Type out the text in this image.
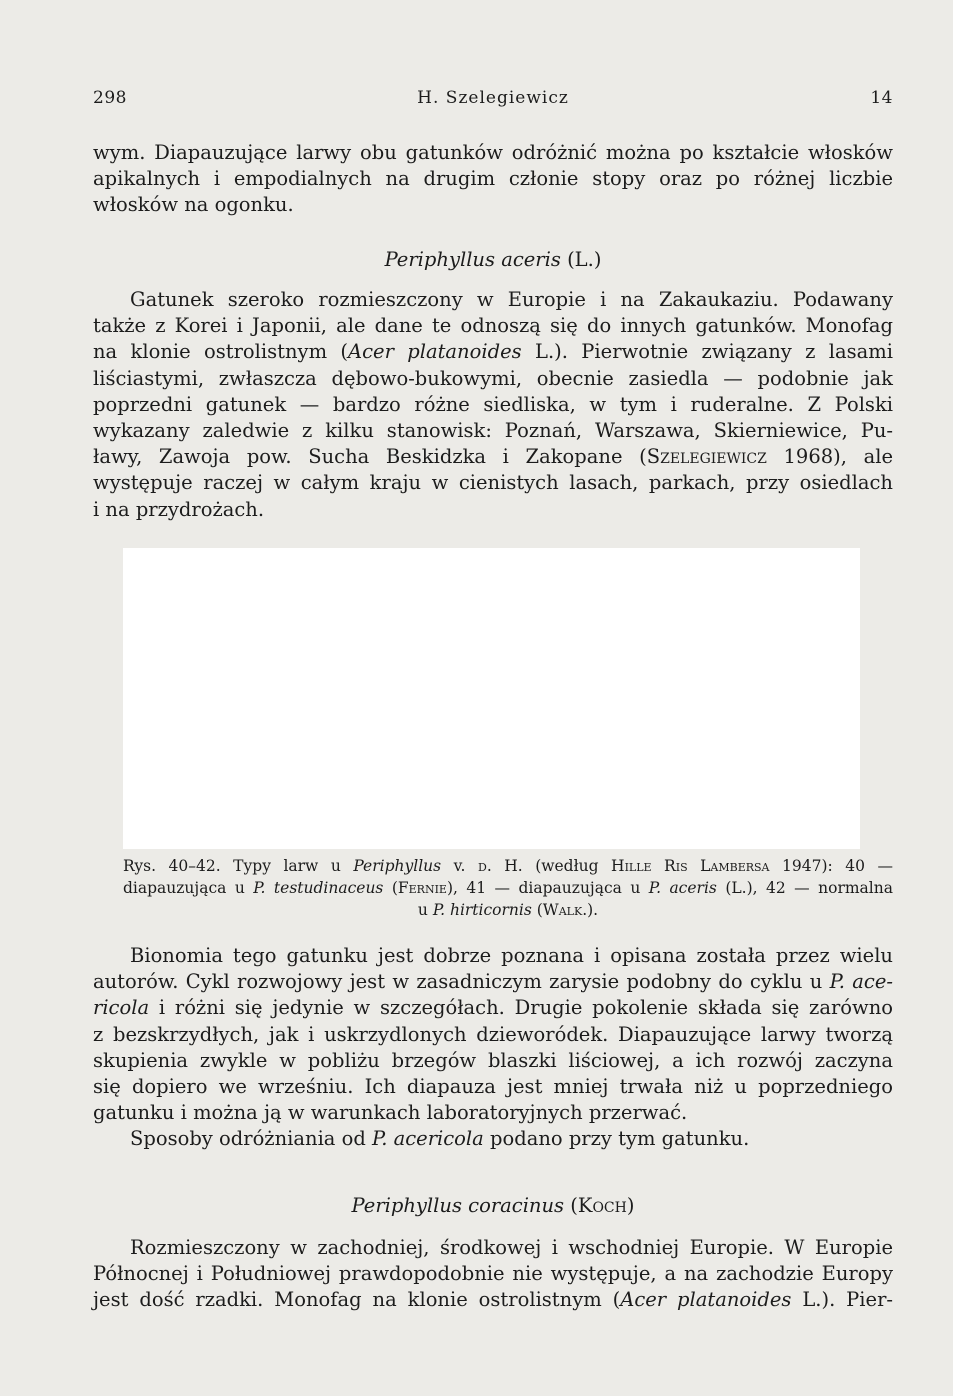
298	H. Szelegiewicz	14

wym. Diapauzujące larwy obu gatunków odróżnić można po kształcie włosków

apikalnych i empodialnych na drugim członie stopy oraz po różnej liczbie

włosków na ogonku.

Periphyllus aceris (L.)

Gatunek szeroko rozmieszczony w Europie i na Zakaukaziu. Podawany

także z Korei i Japonii, ale dane te odnoszą się do innych gatunków. Monofag

na klonie ostrolistnym (Acer platanoides L.). Pierwotnie związany z lasami

liściastymi, zwłaszcza dębowo-bukowymi, obecnie zasiedla — podobnie jak

poprzedni gatunek — bardzo różne siedliska, w tym i ruderalne. Z Polski

wykazany zaledwie z kilku stanowisk: Poznań, Warszawa, Skierniewice, Pu-

ławy, Zawoja pow. Sucha Beskidzka i Zakopane (Szelegiewicz 1968), ale

występuje raczej w całym kraju w cienistych lasach, parkach, przy osiedlach

i na przydrożach.

Rys. 40–42. Typy larw u Periphyllus v. d. H. (według Hille Ris Lambersa 1947): 40 —

diapauzująca u P. testudinaceus (Fernie), 41 — diapauzująca u P. aceris (L.), 42 — normalna

u P. hirticornis (Walk.).

Bionomia tego gatunku jest dobrze poznana i opisana została przez wielu

autorów. Cykl rozwojowy jest w zasadniczym zarysie podobny do cyklu u P. ace-

ricola i różni się jedynie w szczegółach. Drugie pokolenie składa się zarówno

z bezskrzydłych, jak i uskrzydlonych dzieworódek. Diapauzujące larwy tworzą

skupienia zwykle w pobliżu brzegów blaszki liściowej, a ich rozwój zaczyna

się dopiero we wrześniu. Ich diapauza jest mniej trwała niż u poprzedniego

gatunku i można ją w warunkach laboratoryjnych przerwać.

Sposoby odróżniania od P. acericola podano przy tym gatunku.

Periphyllus coracinus (Koch)

Rozmieszczony w zachodniej, środkowej i wschodniej Europie. W Europie

Północnej i Południowej prawdopodobnie nie występuje, a na zachodzie Europy

jest dość rzadki. Monofag na klonie ostrolistnym (Acer platanoides L.). Pier-
